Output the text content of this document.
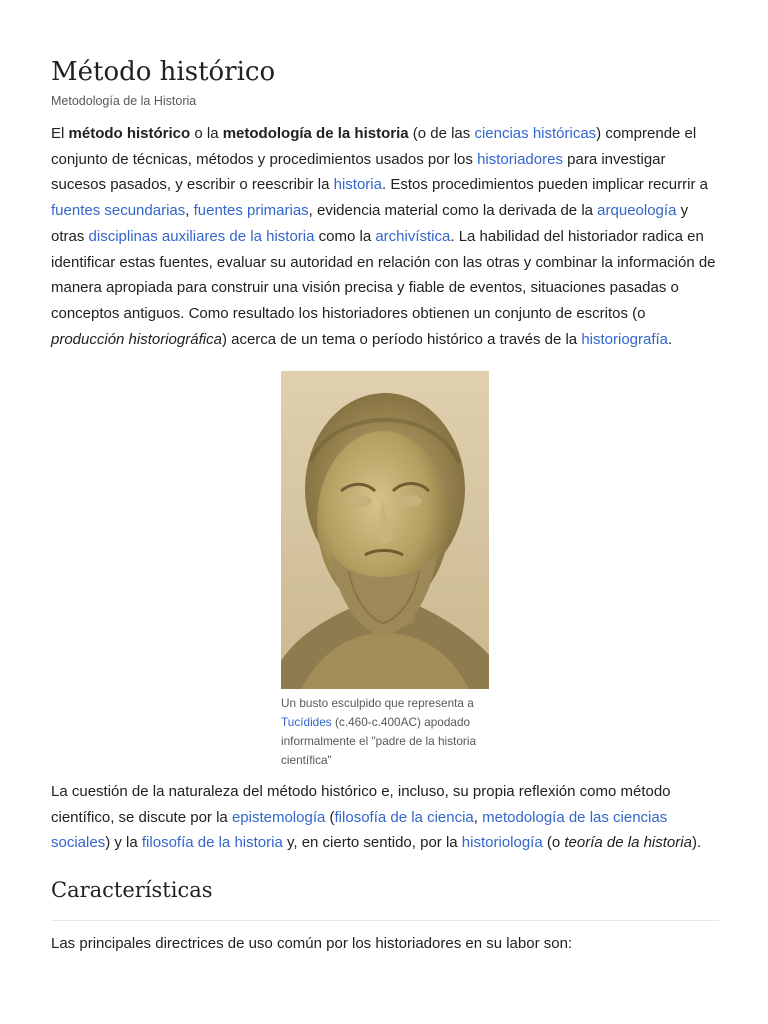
Método histórico
Metodología de la Historia

El método histórico o la metodología de la historia (o de las ciencias históricas) comprende el conjunto de técnicas, métodos y procedimientos usados por los historiadores para investigar sucesos pasados, y escribir o reescribir la historia. Estos procedimientos pueden implicar recurrir a fuentes secundarias, fuentes primarias, evidencia material como la derivada de la arqueología y otras disciplinas auxiliares de la historia como la archivística. La habilidad del historiador radica en identificar estas fuentes, evaluar su autoridad en relación con las otras y combinar la información de manera apropiada para construir una visión precisa y fiable de eventos, situaciones pasadas o conceptos antiguos. Como resultado los historiadores obtienen un conjunto de escritos (o producción historiográfica) acerca de un tema o período histórico a través de la historiografía.

Un busto esculpido que representa a Tucídides (c.460-c.400AC) apodado informalmente el "padre de la historia científica"

La cuestión de la naturaleza del método histórico e, incluso, su propia reflexión como método científico, se discute por la epistemología (filosofía de la ciencia, metodología de las ciencias sociales) y la filosofía de la historia y, en cierto sentido, por la historiología (o teoría de la historia).

Características

Las principales directrices de uso común por los historiadores en su labor son:
